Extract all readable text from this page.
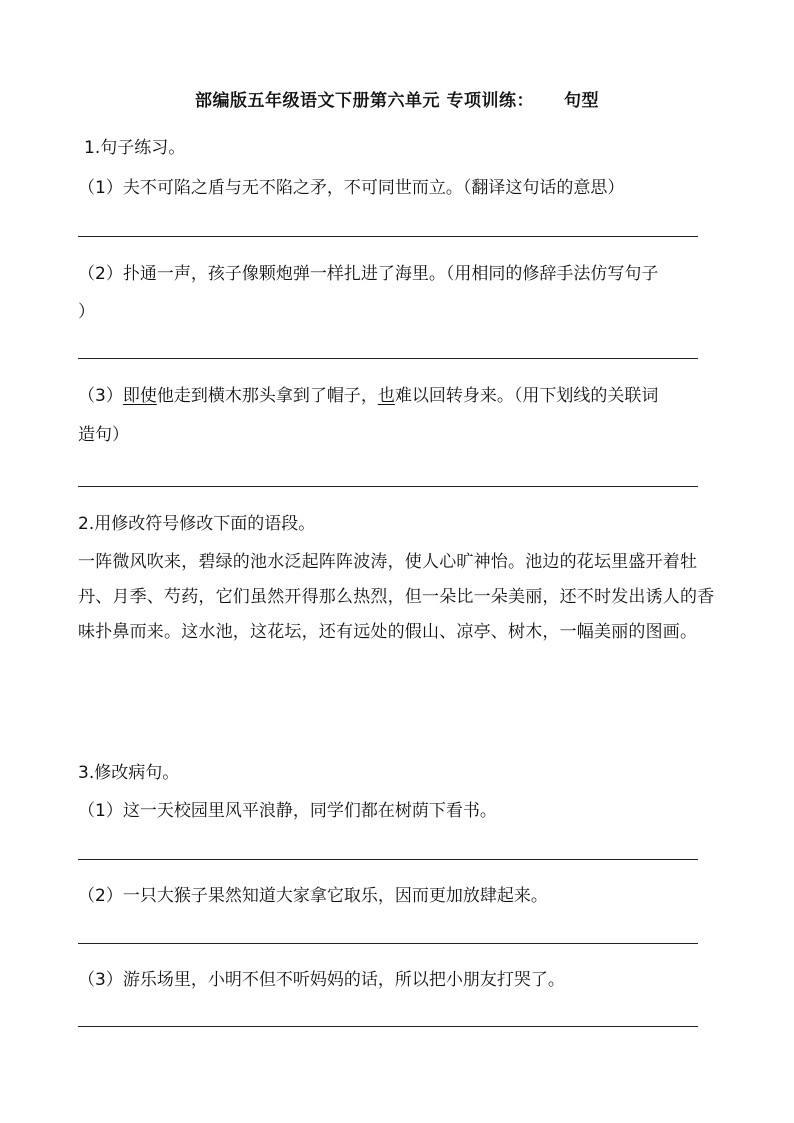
部编版五年级语文下册第六单元 专项训练： 句型
1.句子练习。
（1）夫不可陷之盾与无不陷之矛，不可同世而立。（翻译这句话的意思）
（2）扑通一声，孩子像颗炮弹一样扎进了海里。（用相同的修辞手法仿写句子
）
（3）即使他走到横木那头拿到了帽子，也难以回转身来。（用下划线的关联词
造句）
2.用修改符号修改下面的语段。
一阵微风吹来，碧绿的池水泛起阵阵波涛，使人心旷神怡。池边的花坛里盛开着牡丹、月季、芍药，它们虽然开得那么热烈，但一朵比一朵美丽，还不时发出诱人的香味扑鼻而来。这水池，这花坛，还有远处的假山、凉亭、树木，一幅美丽的图画。
3.修改病句。
（1）这一天校园里风平浪静，同学们都在树荫下看书。
（2）一只大猴子果然知道大家拿它取乐，因而更加放肆起来。
（3）游乐场里，小明不但不听妈妈的话，所以把小朋友打哭了。
